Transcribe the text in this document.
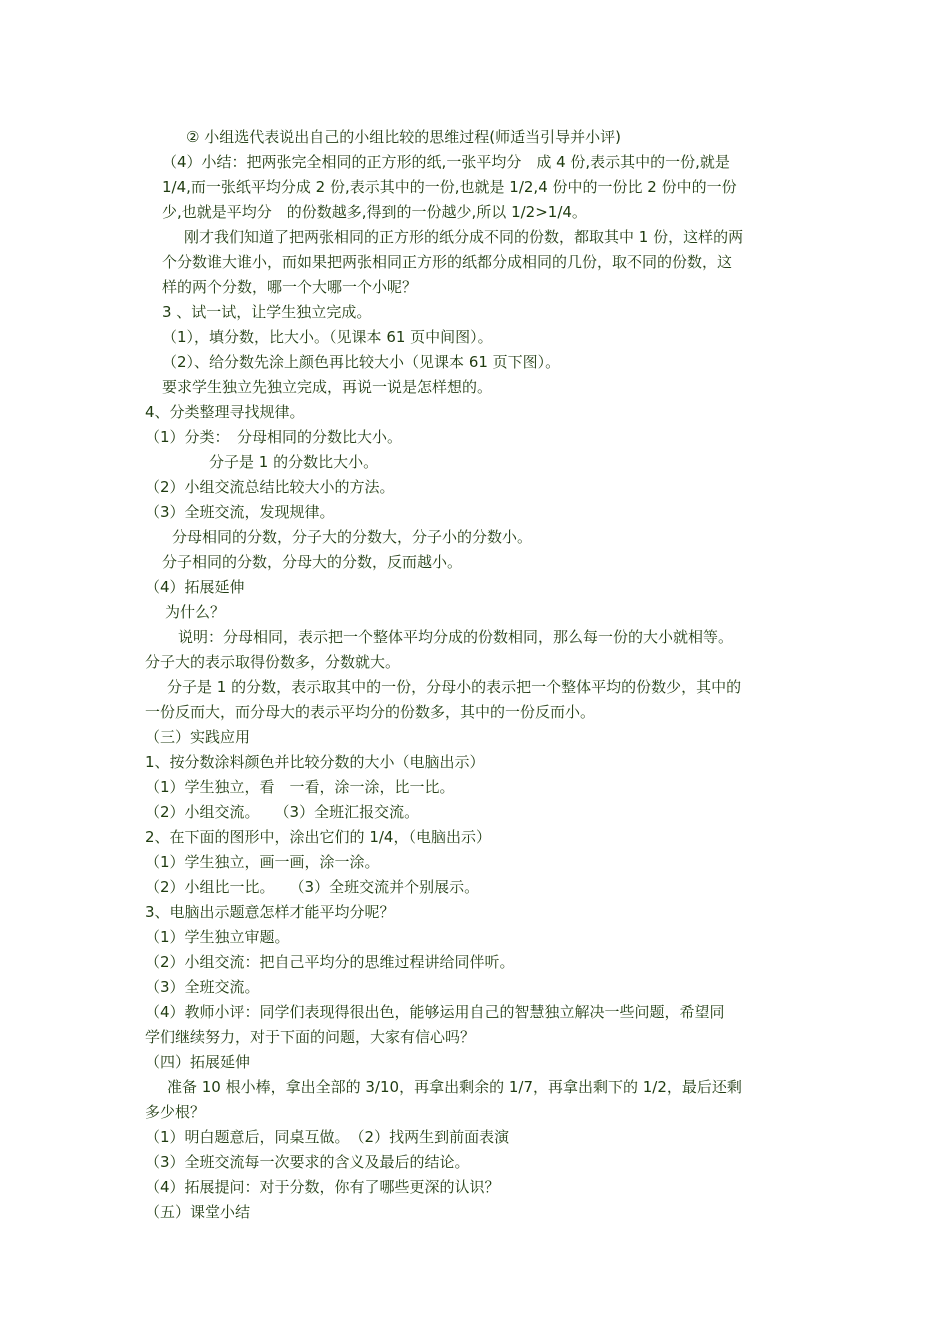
② 小组选代表说出自己的小组比较的思维过程(师适当引导并小评)
（4）小结：把两张完全相同的正方形的纸,一张平均分　成 4 份,表示其中的一份,就是
1/4,而一张纸平均分成 2 份,表示其中的一份,也就是 1/2,4 份中的一份比 2 份中的一份
少,也就是平均分　的份数越多,得到的一份越少,所以 1/2>1/4。
刚才我们知道了把两张相同的正方形的纸分成不同的份数，都取其中 1 份，这样的两
个分数谁大谁小，而如果把两张相同正方形的纸都分成相同的几份，取不同的份数，这
样的两个分数，哪一个大哪一个小呢？
3 、试一试，让学生独立完成。
（1），填分数，比大小。（见课本 61 页中间图）。
（2）、给分数先涂上颜色再比较大小（见课本 61 页下图）。
要求学生独立先独立完成，再说一说是怎样想的。
4、分类整理寻找规律。
（1）分类：　分母相同的分数比大小。
分子是 1 的分数比大小。
（2）小组交流总结比较大小的方法。
（3）全班交流，发现规律。
分母相同的分数，分子大的分数大，分子小的分数小。
分子相同的分数，分母大的分数，反而越小。
（4）拓展延伸
为什么？
说明：分母相同，表示把一个整体平均分成的份数相同，那么每一份的大小就相等。
分子大的表示取得份数多，分数就大。
分子是 1 的分数，表示取其中的一份，分母小的表示把一个整体平均的份数少，其中的
一份反而大，而分母大的表示平均分的份数多，其中的一份反而小。
（三）实践应用
1、按分数涂料颜色并比较分数的大小（电脑出示）
（1）学生独立，看　一看，涂一涂，比一比。
（2）小组交流。　　（3）全班汇报交流。
2、在下面的图形中，涂出它们的 1/4，（电脑出示）
（1）学生独立，画一画，涂一涂。
（2）小组比一比。　　（3）全班交流并个别展示。
3、电脑出示题意怎样才能平均分呢？
（1）学生独立审题。
（2）小组交流：把自己平均分的思维过程讲给同伴听。
（3）全班交流。
（4）教师小评：同学们表现得很出色，能够运用自己的智慧独立解决一些问题，希望同
学们继续努力，对于下面的问题，大家有信心吗？
（四）拓展延伸
准备 10 根小棒，拿出全部的 3/10，再拿出剩余的 1/7，再拿出剩下的 1/2，最后还剩
多少根？
（1）明白题意后，同桌互做。　（2）找两生到前面表演
（3）全班交流每一次要求的含义及最后的结论。
（4）拓展提问：对于分数，你有了哪些更深的认识？
（五）课堂小结
